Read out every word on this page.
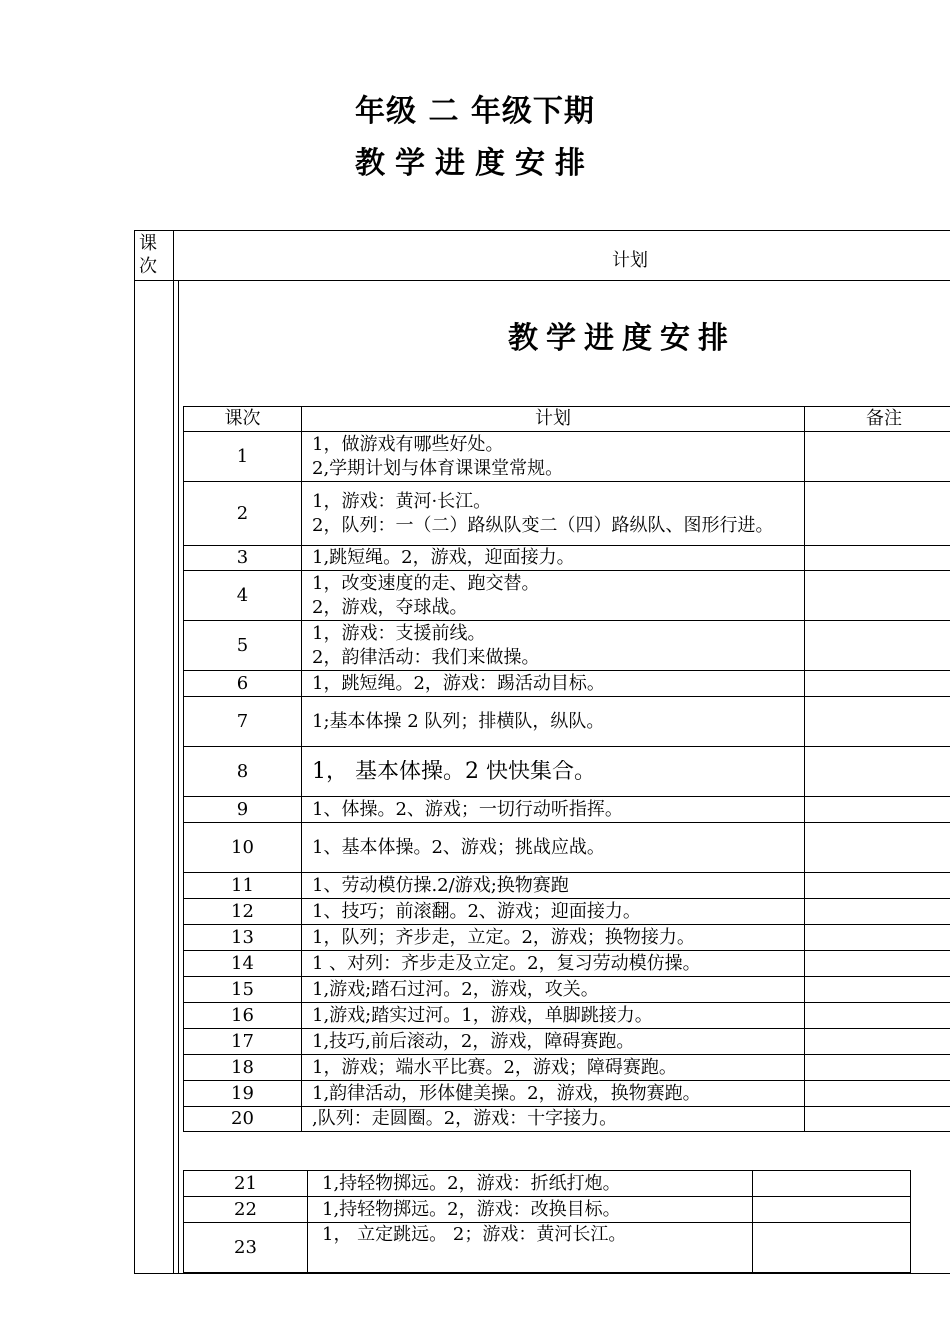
年级 二 年级下期
教学进度安排
课次	计划
教学进度安排
课次	计划	备注
1	1，做游戏有哪些好处。
2,学期计划与体育课课堂常规。	

2	1，游戏：黄河·长江。
2，队列：一（二）路纵队变二（四）路纵队、图形行进。	

3	1,跳短绳。2，游戏，迎面接力。	

4	1，改变速度的走、跑交替。
2，游戏，夺球战。	

5	1，游戏：支援前线。
2，韵律活动：我们来做操。	

6	1，跳短绳。2，游戏：踢活动目标。	

7	1;基本体操 2 队列；排横队，纵队。	

8	1， 基本体操。2 快快集合。	

9	1、体操。2、游戏；一切行动听指挥。	

10	1、基本体操。2、游戏；挑战应战。	

11	1、劳动模仿操.2/游戏;换物赛跑	

12	1、技巧；前滚翻。2、游戏；迎面接力。	

13	1，队列；齐步走，立定。2，游戏；换物接力。	

14	1 、对列：齐步走及立定。2，复习劳动模仿操。	

15	1,游戏;踏石过河。2，游戏，攻关。	

16	1,游戏;踏实过河。1，游戏，单脚跳接力。	

17	1,技巧,前后滚动，2，游戏，障碍赛跑。	

18	1，游戏；端水平比赛。2，游戏；障碍赛跑。	

19	1,韵律活动，形体健美操。2，游戏，换物赛跑。	

20	,队列：走圆圈。2，游戏：十字接力。	

21	1,持轻物掷远。2，游戏：折纸打炮。	

22	1,持轻物掷远。2，游戏：改换目标。	

23	1， 立定跳远。 2；游戏：黄河长江。	
